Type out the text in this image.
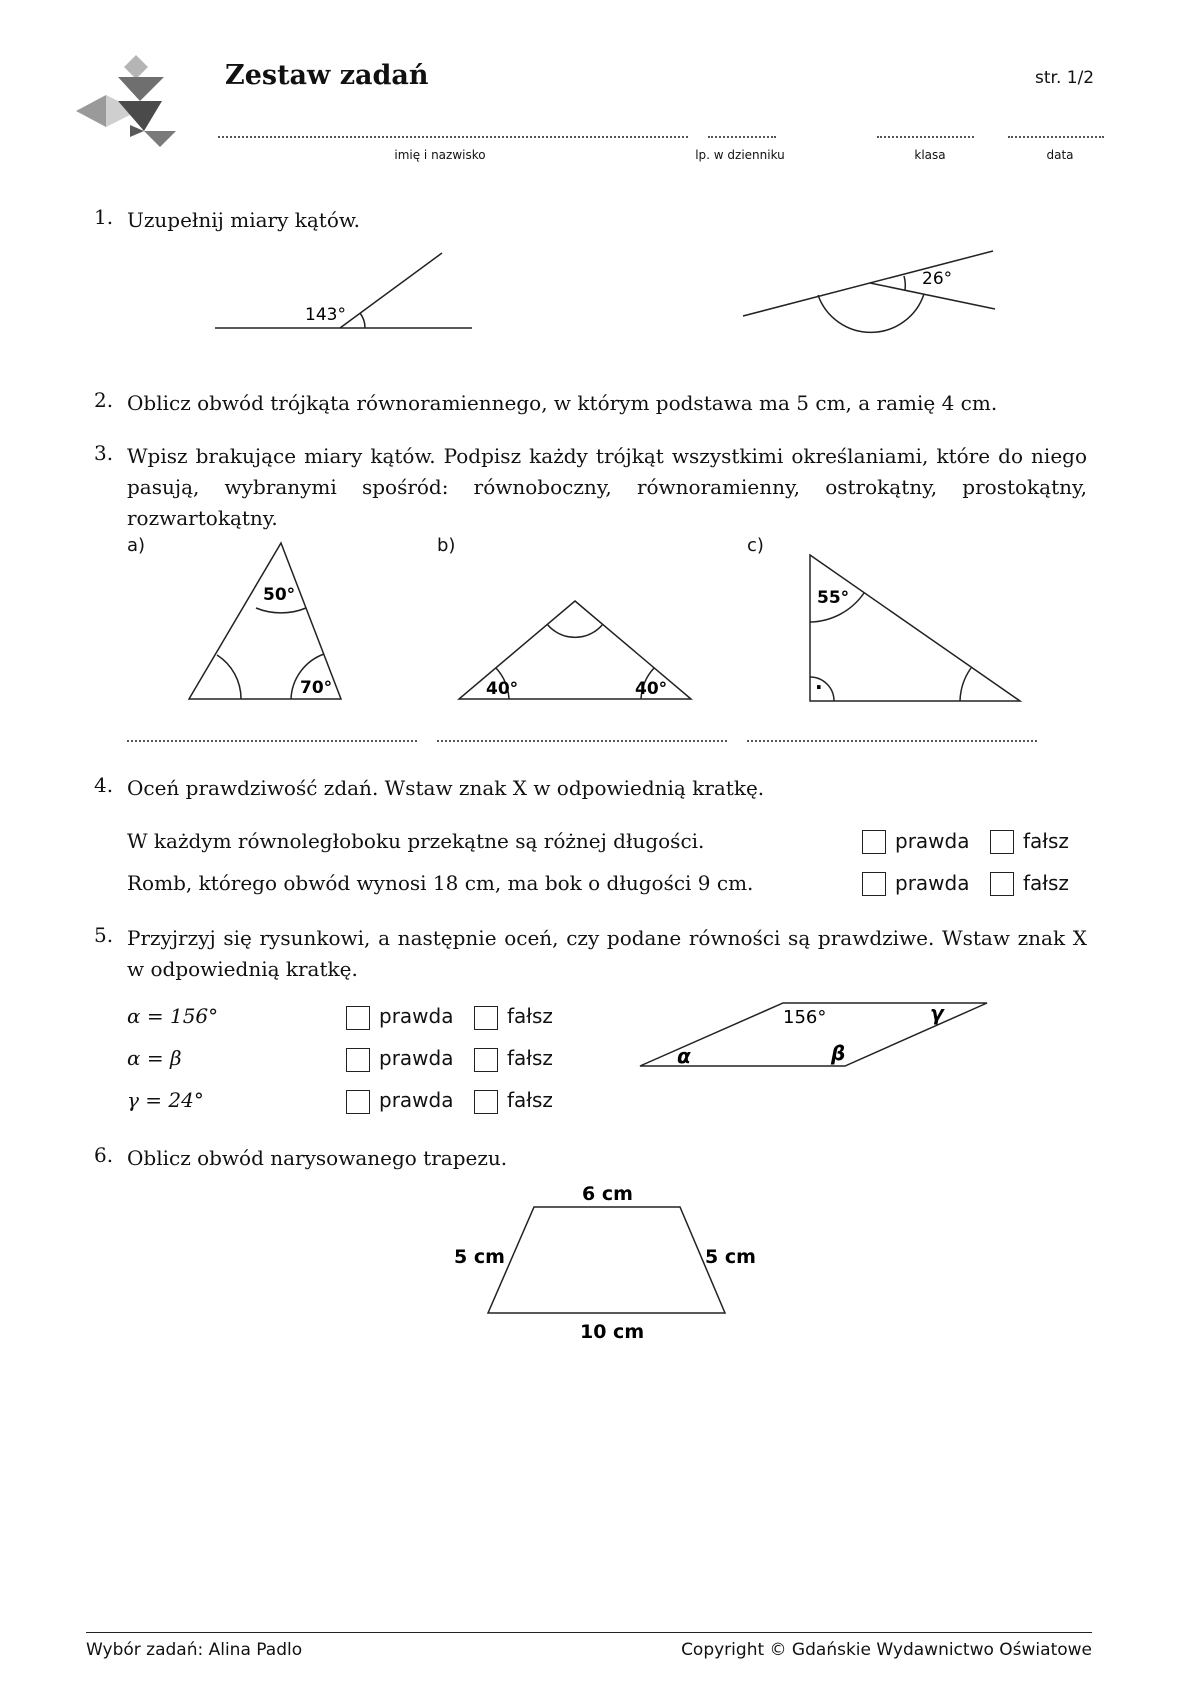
Zestaw zadań	str. 1/2
imię i nazwisko	lp. w dzienniku	klasa	data
1. Uzupełnij miary kątów.
143°
26°
2. Oblicz obwód trójkąta równoramiennego, w którym podstawa ma 5 cm, a ramię 4 cm.
3. Wpisz brakujące miary kątów. Podpisz każdy trójkąt wszystkimi określaniami, które do niego pasują, wybranymi spośród: równoboczny, równoramienny, ostrokątny, prostokątny, rozwartokątny.
a)	b)	c)
50°
70°	40°	40°
55°
·
4. Oceń prawdziwość zdań. Wstaw znak X w odpowiednią kratkę.
W każdym równoległoboku przekątne są różnej długości.
Romb, którego obwód wynosi 18 cm, ma bok o długości 9 cm.
prawda	fałsz
prawda	fałsz
5. Przyjrzyj się rysunkowi, a następnie oceń, czy podane równości są prawdziwe. Wstaw znak X w odpowiednią kratkę.
α = 156°
α = β
γ = 24°
prawda	fałsz
prawda	fałsz
prawda	fałsz
156°	γ
α	β
6. Oblicz obwód narysowanego trapezu.
6 cm
5 cm	5 cm
10 cm
Wybór zadań: Alina Padlo	Copyright © Gdańskie Wydawnictwo Oświatowe
